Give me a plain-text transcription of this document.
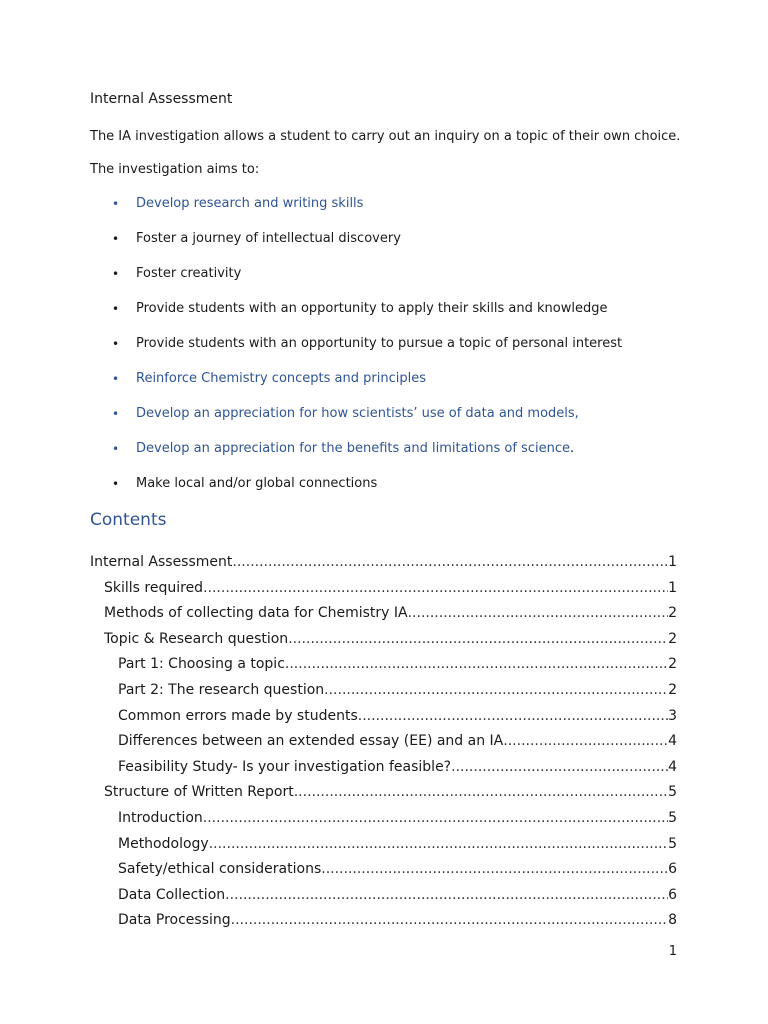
Internal Assessment
The IA investigation allows a student to carry out an inquiry on a topic of their own choice.
The investigation aims to:
• Develop research and writing skills
• Foster a journey of intellectual discovery
• Foster creativity
• Provide students with an opportunity to apply their skills and knowledge
• Provide students with an opportunity to pursue a topic of personal interest
• Reinforce Chemistry concepts and principles
• Develop an appreciation for how scientists’ use of data and models,
• Develop an appreciation for the benefits and limitations of science.
• Make local and/or global connections
Contents
Internal Assessment .....	1
Skills required .....	1
Methods of collecting data for Chemistry IA .....	2
Topic & Research question .....	2
Part 1: Choosing a topic .....	2
Part 2: The research question .....	2
Common errors made by students .....	3
Differences between an extended essay (EE) and an IA .....	4
Feasibility Study- Is your investigation feasible? .....	4
Structure of Written Report .....	5
Introduction .....	5
Methodology .....	5
Safety/ethical considerations .....	6
Data Collection .....	6
Data Processing .....	8
1
